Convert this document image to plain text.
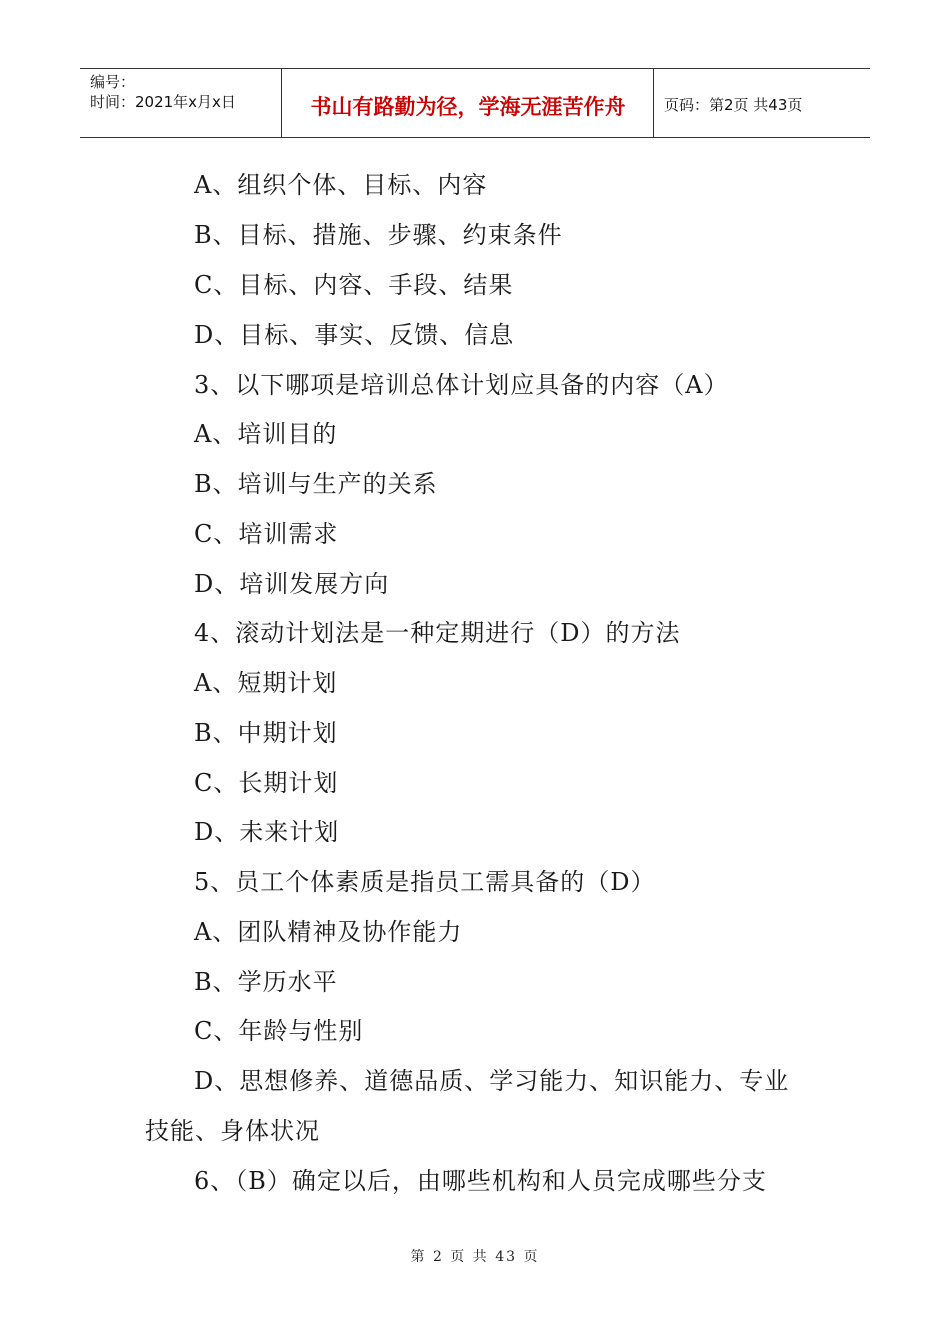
编号：
时间：2021年x月x日	书山有路勤为径，学海无涯苦作舟	页码：第2页 共43页
A、组织个体、目标、内容
B、目标、措施、步骤、约束条件
C、目标、内容、手段、结果
D、目标、事实、反馈、信息
3、以下哪项是培训总体计划应具备的内容（A）
A、培训目的
B、培训与生产的关系
C、培训需求
D、培训发展方向
4、滚动计划法是一种定期进行（D）的方法
A、短期计划
B、中期计划
C、长期计划
D、未来计划
5、员工个体素质是指员工需具备的（D）
A、团队精神及协作能力
B、学历水平
C、年龄与性别
D、思想修养、道德品质、学习能力、知识能力、专业
技能、身体状况
6、（B）确定以后，由哪些机构和人员完成哪些分支
第 2 页 共 43 页
